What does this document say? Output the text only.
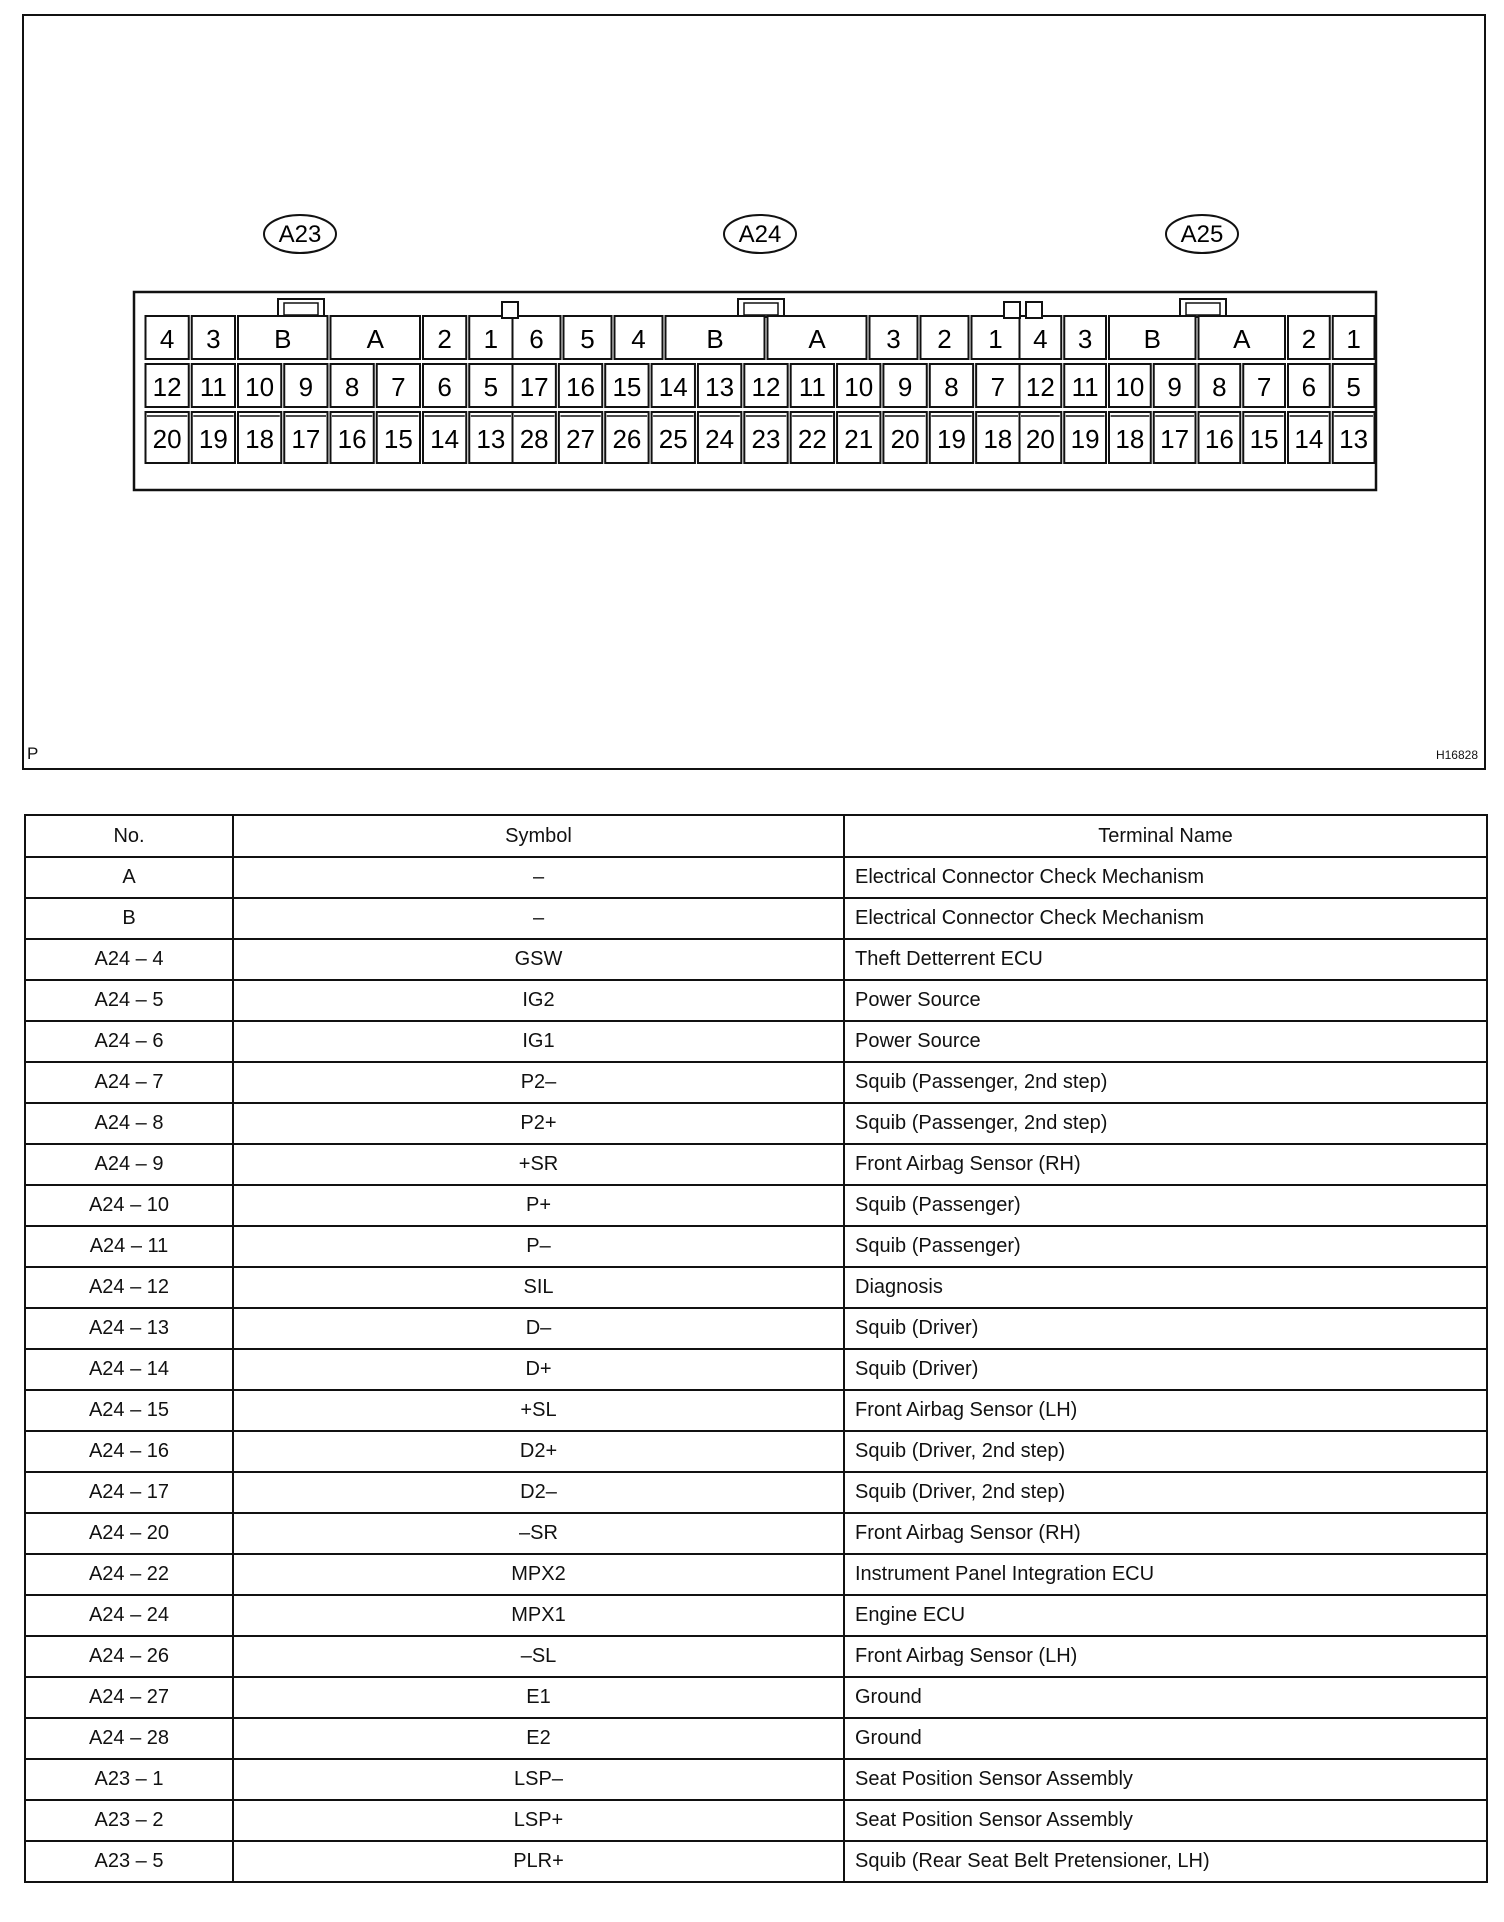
A23
4 3 B	A 2 1
12 11 10 9 8 7 6 5
20 19 18 17 16 15 14 13
A24
6 5 4 B	A 3 2 1
17 16 15 14 13 12 11 10 9 8 7
28 27 26 25 24 23 22 21 20 19 18
A25
4 3 B	A 2 1
12 11 10 9 8 7 6 5
20 19 18 17 16 15 14 13
P	H16828
No.	Symbol	Terminal Name
A	–	Electrical Connector Check Mechanism
B	–	Electrical Connector Check Mechanism
A24 – 4	GSW	Theft Detterrent ECU
A24 – 5	IG2	Power Source
A24 – 6	IG1	Power Source
A24 – 7	P2–	Squib (Passenger, 2nd step)
A24 – 8	P2+	Squib (Passenger, 2nd step)
A24 – 9	+SR	Front Airbag Sensor (RH)
A24 – 10	P+	Squib (Passenger)
A24 – 11	P–	Squib (Passenger)
A24 – 12	SIL	Diagnosis
A24 – 13	D–	Squib (Driver)
A24 – 14	D+	Squib (Driver)
A24 – 15	+SL	Front Airbag Sensor (LH)
A24 – 16	D2+	Squib (Driver, 2nd step)
A24 – 17	D2–	Squib (Driver, 2nd step)
A24 – 20	–SR	Front Airbag Sensor (RH)
A24 – 22	MPX2	Instrument Panel Integration ECU
A24 – 24	MPX1	Engine ECU
A24 – 26	–SL	Front Airbag Sensor (LH)
A24 – 27	E1	Ground
A24 – 28	E2	Ground
A23 – 1	LSP–	Seat Position Sensor Assembly
A23 – 2	LSP+	Seat Position Sensor Assembly
A23 – 5	PLR+	Squib (Rear Seat Belt Pretensioner, LH)
